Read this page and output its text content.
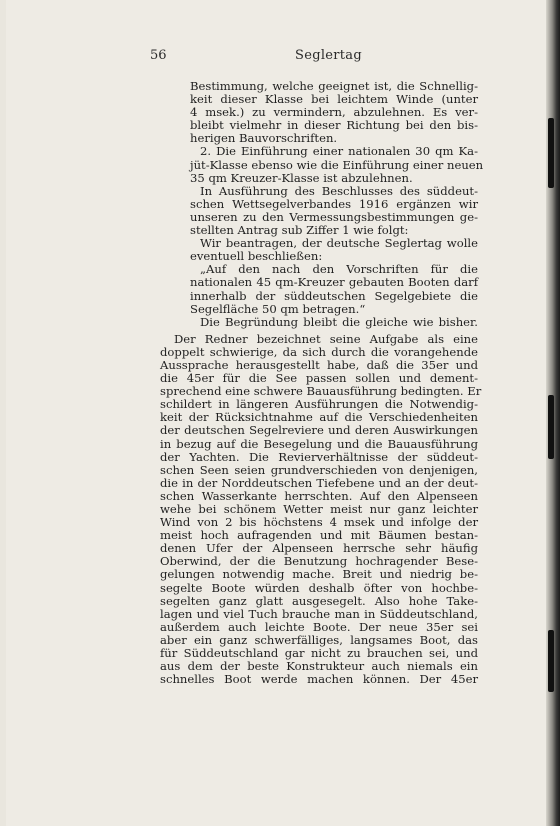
56	Seglertag
Bestimmung, welche geeignet ist, die Schnellig-
keit dieser Klasse bei leichtem Winde (unter
4 msek.) zu vermindern, abzulehnen. Es ver-
bleibt vielmehr in dieser Richtung bei den bis-
herigen Bauvorschriften.
2. Die Einführung einer nationalen 30 qm Ka-
jüt-Klasse ebenso wie die Einführung einer neuen
35 qm Kreuzer-Klasse ist abzulehnen.
In Ausführung des Beschlusses des süddeut-
schen Wettsegelverbandes 1916 ergänzen wir
unseren zu den Vermessungsbestimmungen ge-
stellten Antrag sub Ziffer 1 wie folgt:
Wir beantragen, der deutsche Seglertag wolle
eventuell beschließen:
„Auf den nach den Vorschriften für die
nationalen 45 qm-Kreuzer gebauten Booten darf
innerhalb der süddeutschen Segelgebiete die
Segelfläche 50 qm betragen.“
Die Begründung bleibt die gleiche wie bisher.
Der Redner bezeichnet seine Aufgabe als eine
doppelt schwierige, da sich durch die vorangehende
Aussprache herausgestellt habe, daß die 35er und
die 45er für die See passen sollen und dement-
sprechend eine schwere Bauausführung bedingten. Er
schildert in längeren Ausführungen die Notwendig-
keit der Rücksichtnahme auf die Verschiedenheiten
der deutschen Segelreviere und deren Auswirkungen
in bezug auf die Besegelung und die Bauausführung
der Yachten. Die Revierverhältnisse der süddeut-
schen Seen seien grundverschieden von denjenigen,
die in der Norddeutschen Tiefebene und an der deut-
schen Wasserkante herrschten. Auf den Alpenseen
wehe bei schönem Wetter meist nur ganz leichter
Wind von 2 bis höchstens 4 msek und infolge der
meist hoch aufragenden und mit Bäumen bestan-
denen Ufer der Alpenseen herrsche sehr häufig
Oberwind, der die Benutzung hochragender Bese-
gelungen notwendig mache. Breit und niedrig be-
segelte Boote würden deshalb öfter von hochbe-
segelten ganz glatt ausgesegelt. Also hohe Take-
lagen und viel Tuch brauche man in Süddeutschland,
außerdem auch leichte Boote. Der neue 35er sei
aber ein ganz schwerfälliges, langsames Boot, das
für Süddeutschland gar nicht zu brauchen sei, und
aus dem der beste Konstrukteur auch niemals ein
schnelles Boot werde machen können. Der 45er
